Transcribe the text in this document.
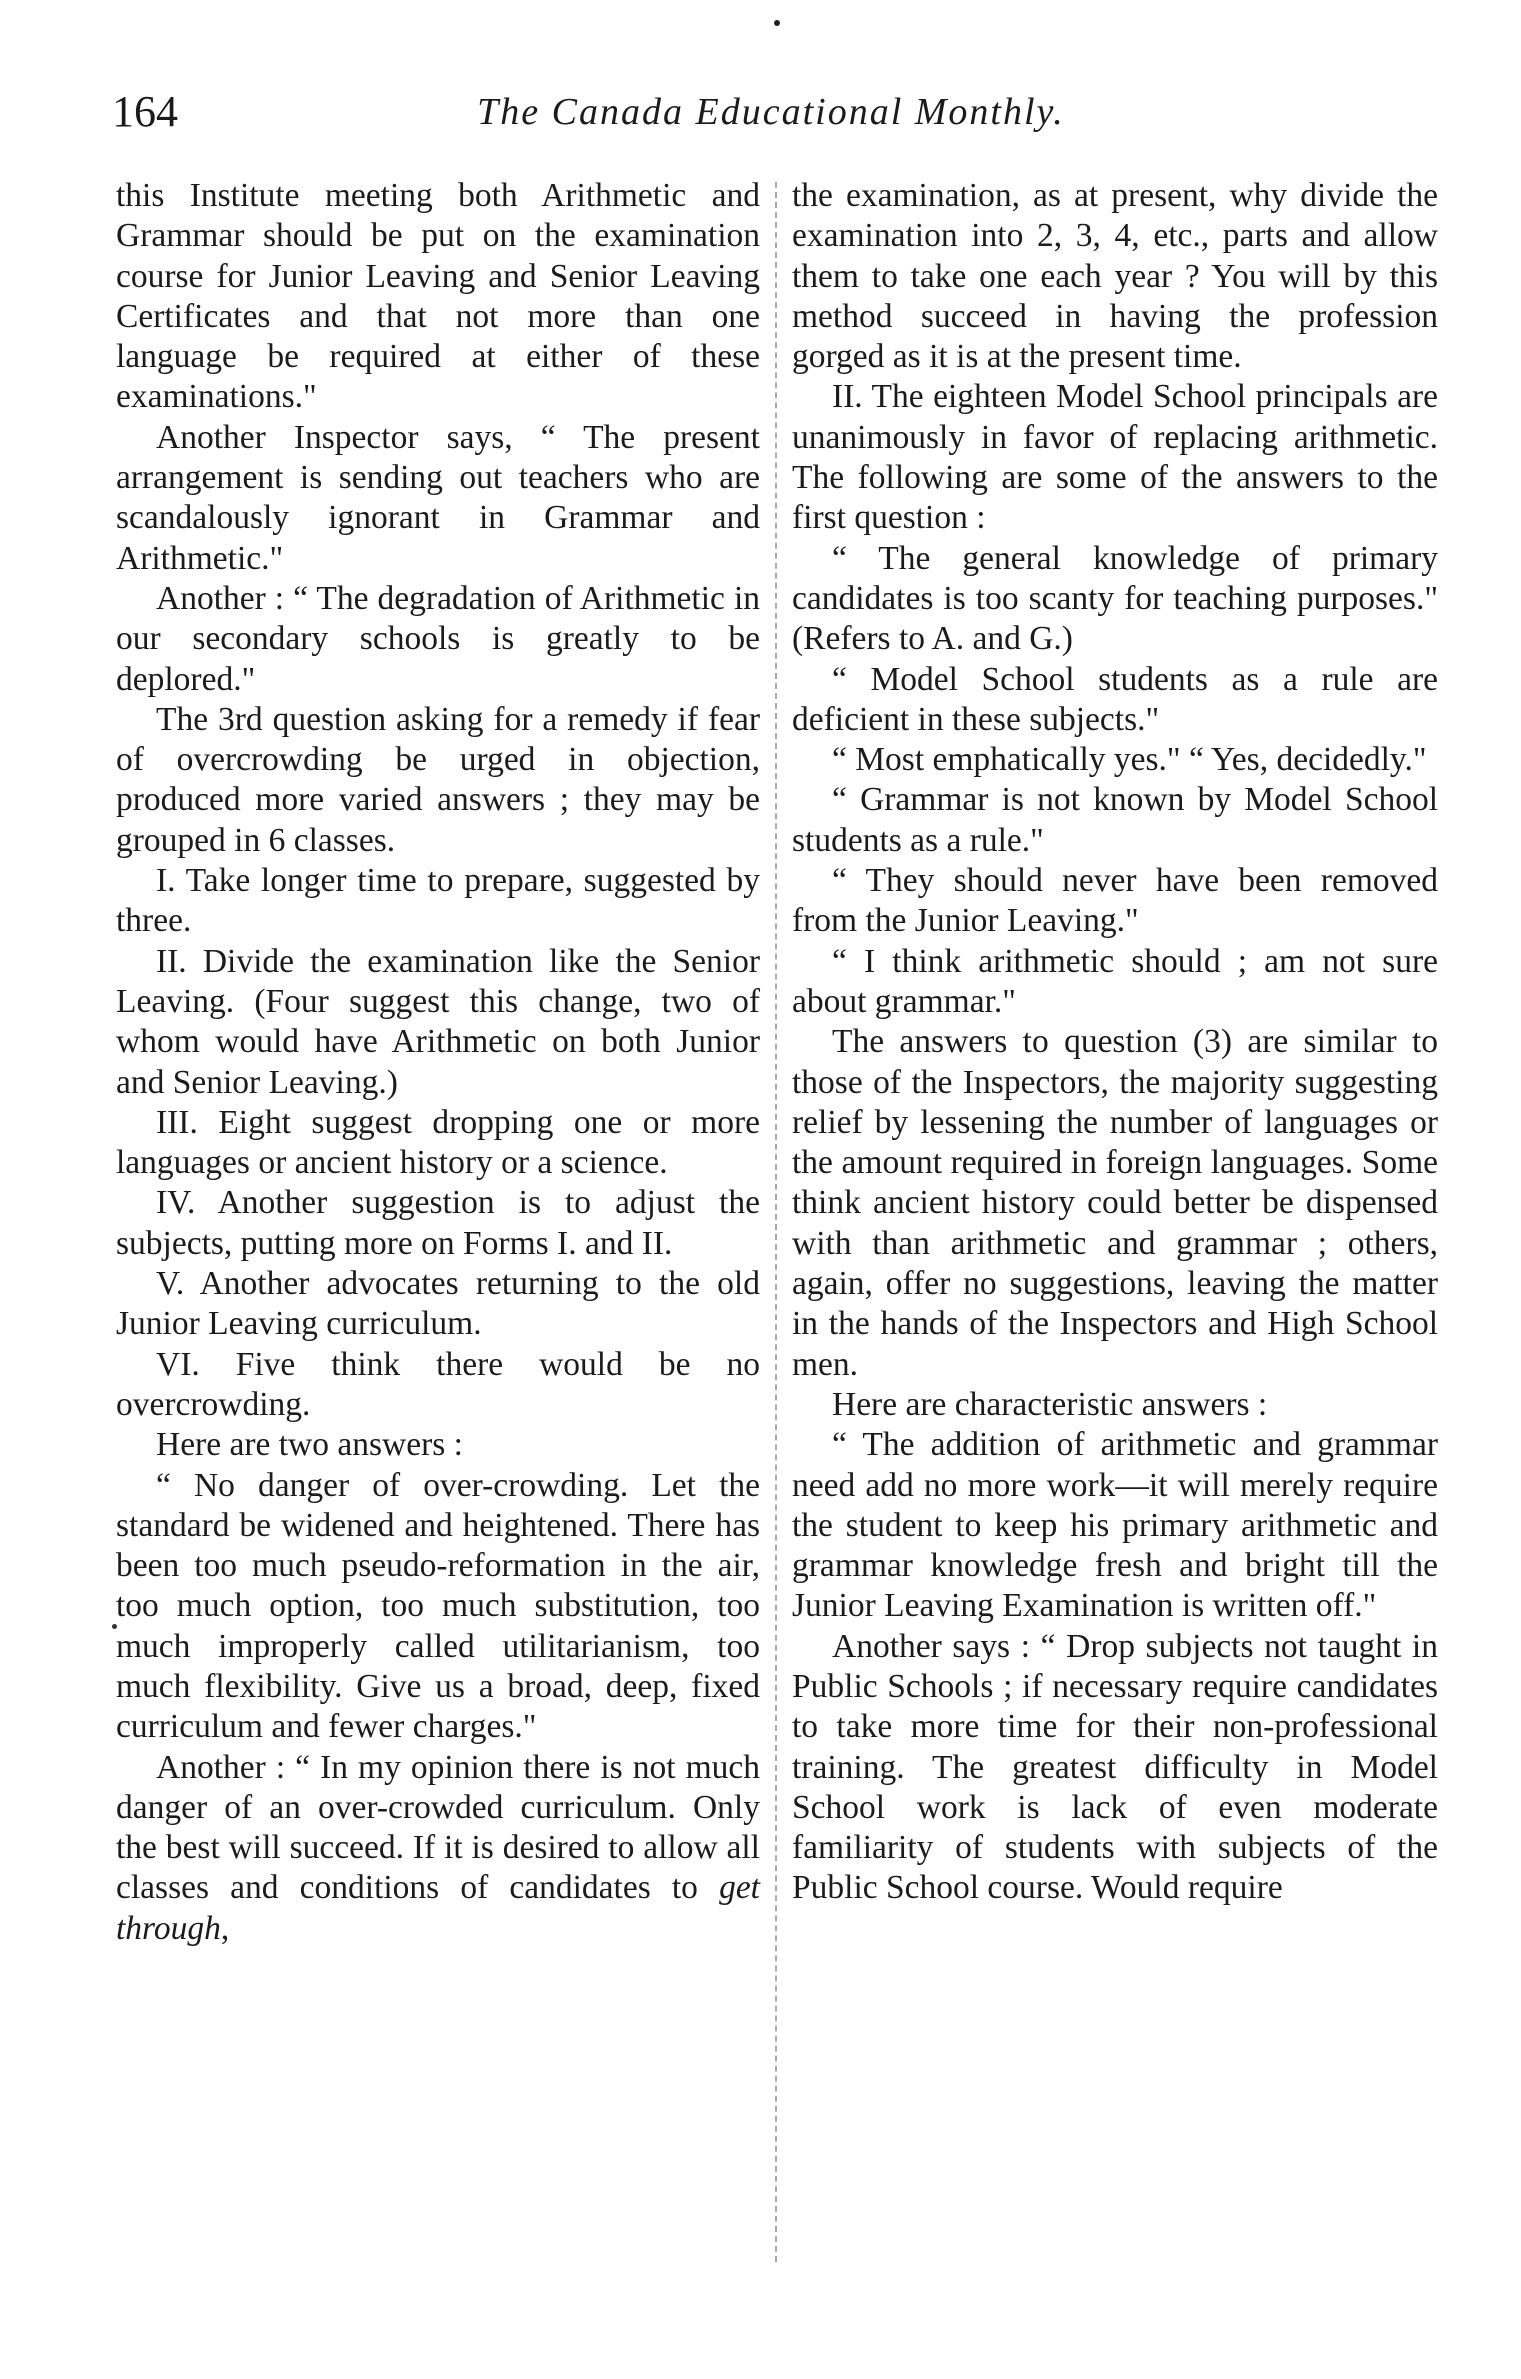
164	The Canada Educational Monthly.

this Institute meeting both Arithmetic and Grammar should be put on the examination course for Junior Leaving and Senior Leaving Certificates and that not more than one language be required at either of these examinations."

Another Inspector says, “ The present arrangement is sending out teachers who are scandalously ignorant in Grammar and Arithmetic."

Another : “ The degradation of Arithmetic in our secondary schools is greatly to be deplored."

The 3rd question asking for a remedy if fear of overcrowding be urged in objection, produced more varied answers ; they may be grouped in 6 classes.

I. Take longer time to prepare, suggested by three.

II. Divide the examination like the Senior Leaving. (Four suggest this change, two of whom would have Arithmetic on both Junior and Senior Leaving.)

III. Eight suggest dropping one or more languages or ancient history or a science.

IV. Another suggestion is to adjust the subjects, putting more on Forms I. and II.

V. Another advocates returning to the old Junior Leaving curriculum.

VI. Five think there would be no overcrowding.

Here are two answers :

“ No danger of over-crowding. Let the standard be widened and heightened. There has been too much pseudo-reformation in the air, too much option, too much substitution, too much improperly called utilitarianism, too much flexibility. Give us a broad, deep, fixed curriculum and fewer charges."

Another : “ In my opinion there is not much danger of an over-crowded curriculum. Only the best will succeed. If it is desired to allow all classes and conditions of candidates to get through,

the examination, as at present, why divide the examination into 2, 3, 4, etc., parts and allow them to take one each year ? You will by this method succeed in having the profession gorged as it is at the present time.

II. The eighteen Model School principals are unanimously in favor of replacing arithmetic. The following are some of the answers to the first question :

“ The general knowledge of primary candidates is too scanty for teaching purposes." (Refers to A. and G.)

“ Model School students as a rule are deficient in these subjects."

“ Most emphatically yes." “ Yes, decidedly."

“ Grammar is not known by Model School students as a rule."

“ They should never have been removed from the Junior Leaving."

“ I think arithmetic should ; am not sure about grammar."

The answers to question (3) are similar to those of the Inspectors, the majority suggesting relief by lessening the number of languages or the amount required in foreign languages. Some think ancient history could better be dispensed with than arithmetic and grammar ; others, again, offer no suggestions, leaving the matter in the hands of the Inspectors and High School men.

Here are characteristic answers :

“ The addition of arithmetic and grammar need add no more work—it will merely require the student to keep his primary arithmetic and grammar knowledge fresh and bright till the Junior Leaving Examination is written off."

Another says : “ Drop subjects not taught in Public Schools ; if necessary require candidates to take more time for their non-professional training. The greatest difficulty in Model School work is lack of even moderate familiarity of students with subjects of the Public School course. Would require
